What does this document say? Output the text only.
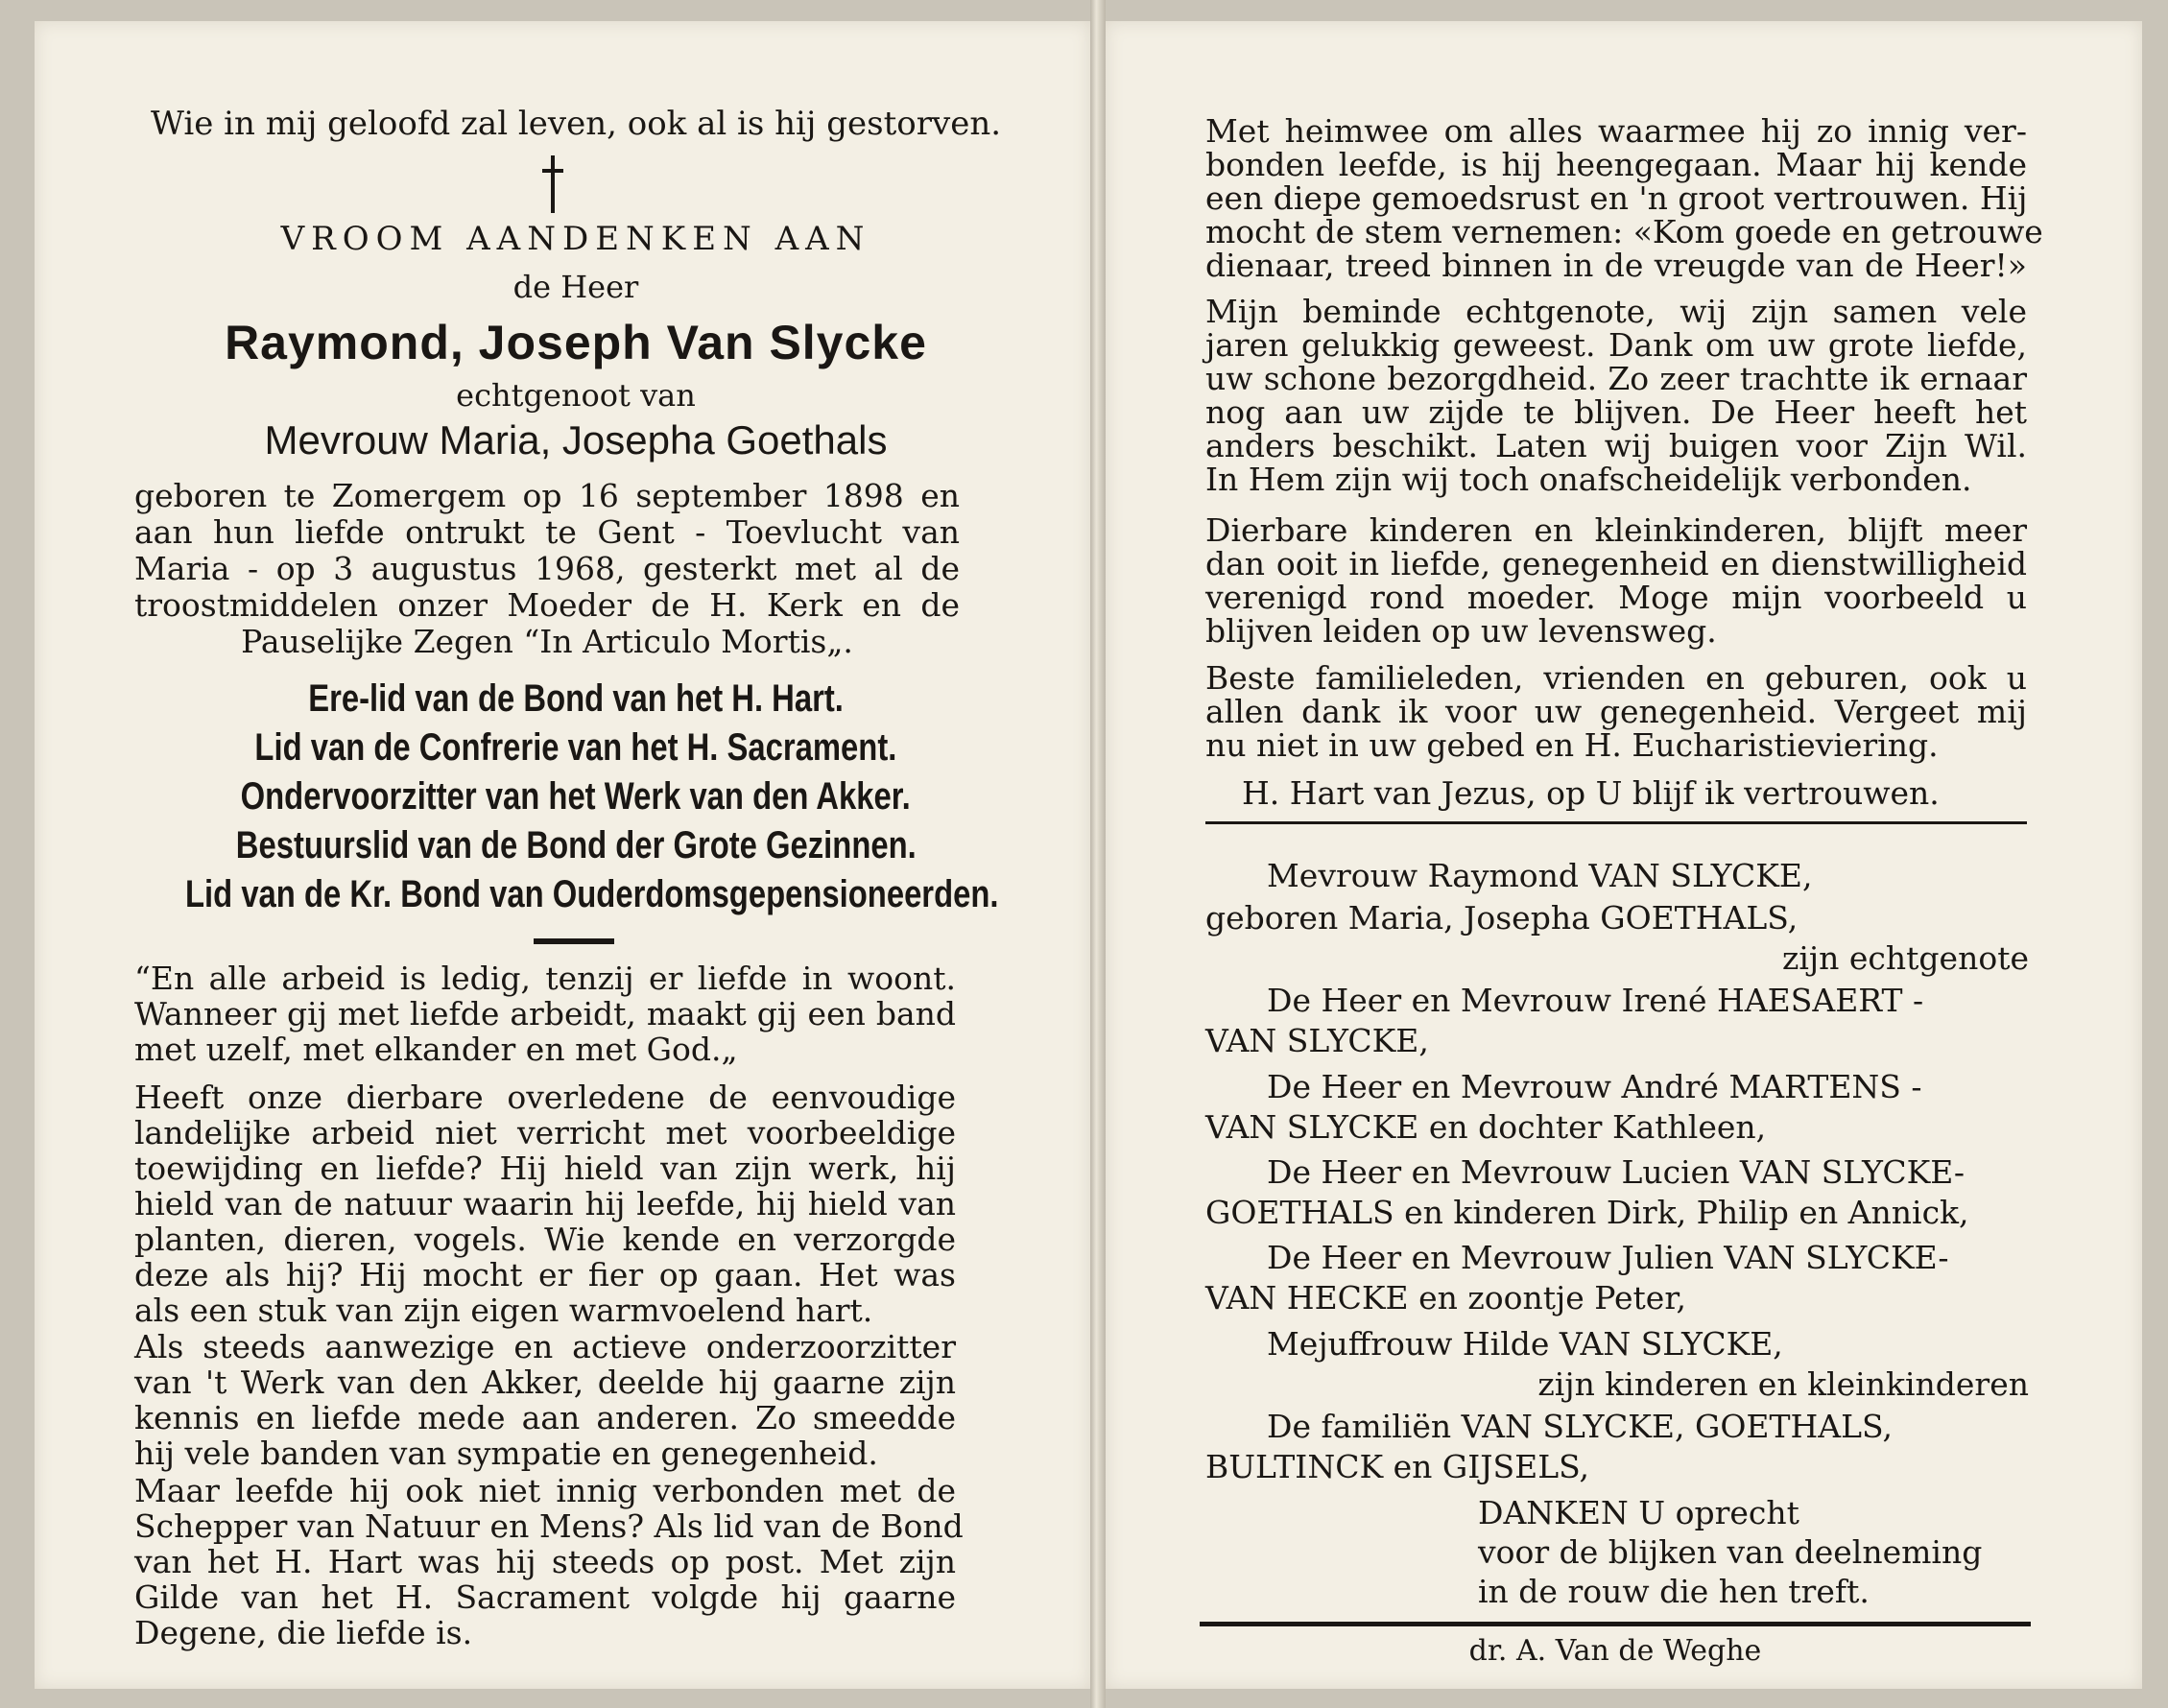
Wie in mij geloofd zal leven, ook al is hij gestorven.
VROOM AANDENKEN AAN
de Heer
Raymond, Joseph Van Slycke
echtgenoot van
Mevrouw Maria, Josepha Goethals
geboren te Zomergem op 16 september 1898 en
aan hun liefde ontrukt te Gent - Toevlucht van
Maria - op 3 augustus 1968, gesterkt met al de
troostmiddelen onzer Moeder de H. Kerk en de
Pauselijke Zegen “In Articulo Mortis„.
Ere-lid van de Bond van het H. Hart.
Lid van de Confrerie van het H. Sacrament.
Ondervoorzitter van het Werk van den Akker.
Bestuurslid van de Bond der Grote Gezinnen.
Lid van de Kr. Bond van Ouderdomsgepensioneerden.
“En alle arbeid is ledig, tenzij er liefde in woont.
Wanneer gij met liefde arbeidt, maakt gij een band
met uzelf, met elkander en met God.„
Heeft onze dierbare overledene de eenvoudige
landelijke arbeid niet verricht met voorbeeldige
toewijding en liefde? Hij hield van zijn werk, hij
hield van de natuur waarin hij leefde, hij hield van
planten, dieren, vogels. Wie kende en verzorgde
deze als hij? Hij mocht er fier op gaan. Het was
als een stuk van zijn eigen warmvoelend hart.
Als steeds aanwezige en actieve onderzoorzitter
van 't Werk van den Akker, deelde hij gaarne zijn
kennis en liefde mede aan anderen. Zo smeedde
hij vele banden van sympatie en genegenheid.
Maar leefde hij ook niet innig verbonden met de
Schepper van Natuur en Mens? Als lid van de Bond
van het H. Hart was hij steeds op post. Met zijn
Gilde van het H. Sacrament volgde hij gaarne
Degene, die liefde is.
Met heimwee om alles waarmee hij zo innig ver-
bonden leefde, is hij heengegaan. Maar hij kende
een diepe gemoedsrust en 'n groot vertrouwen. Hij
mocht de stem vernemen: «Kom goede en getrouwe
dienaar, treed binnen in de vreugde van de Heer!»
Mijn beminde echtgenote, wij zijn samen vele
jaren gelukkig geweest. Dank om uw grote liefde,
uw schone bezorgdheid. Zo zeer trachtte ik ernaar
nog aan uw zijde te blijven. De Heer heeft het
anders beschikt. Laten wij buigen voor Zijn Wil.
In Hem zijn wij toch onafscheidelijk verbonden.
Dierbare kinderen en kleinkinderen, blijft meer
dan ooit in liefde, genegenheid en dienstwilligheid
verenigd rond moeder. Moge mijn voorbeeld u
blijven leiden op uw levensweg.
Beste familieleden, vrienden en geburen, ook u
allen dank ik voor uw genegenheid. Vergeet mij
nu niet in uw gebed en H. Eucharistieviering.
H. Hart van Jezus, op U blijf ik vertrouwen.
Mevrouw Raymond VAN SLYCKE,
geboren Maria, Josepha GOETHALS,
zijn echtgenote
De Heer en Mevrouw Irené HAESAERT -
VAN SLYCKE,
De Heer en Mevrouw André MARTENS -
VAN SLYCKE en dochter Kathleen,
De Heer en Mevrouw Lucien VAN SLYCKE-
GOETHALS en kinderen Dirk, Philip en Annick,
De Heer en Mevrouw Julien VAN SLYCKE-
VAN HECKE en zoontje Peter,
Mejuffrouw Hilde VAN SLYCKE,
zijn kinderen en kleinkinderen
De familiën VAN SLYCKE, GOETHALS,
BULTINCK en GIJSELS,
DANKEN U oprecht
voor de blijken van deelneming
in de rouw die hen treft.
dr. A. Van de Weghe
